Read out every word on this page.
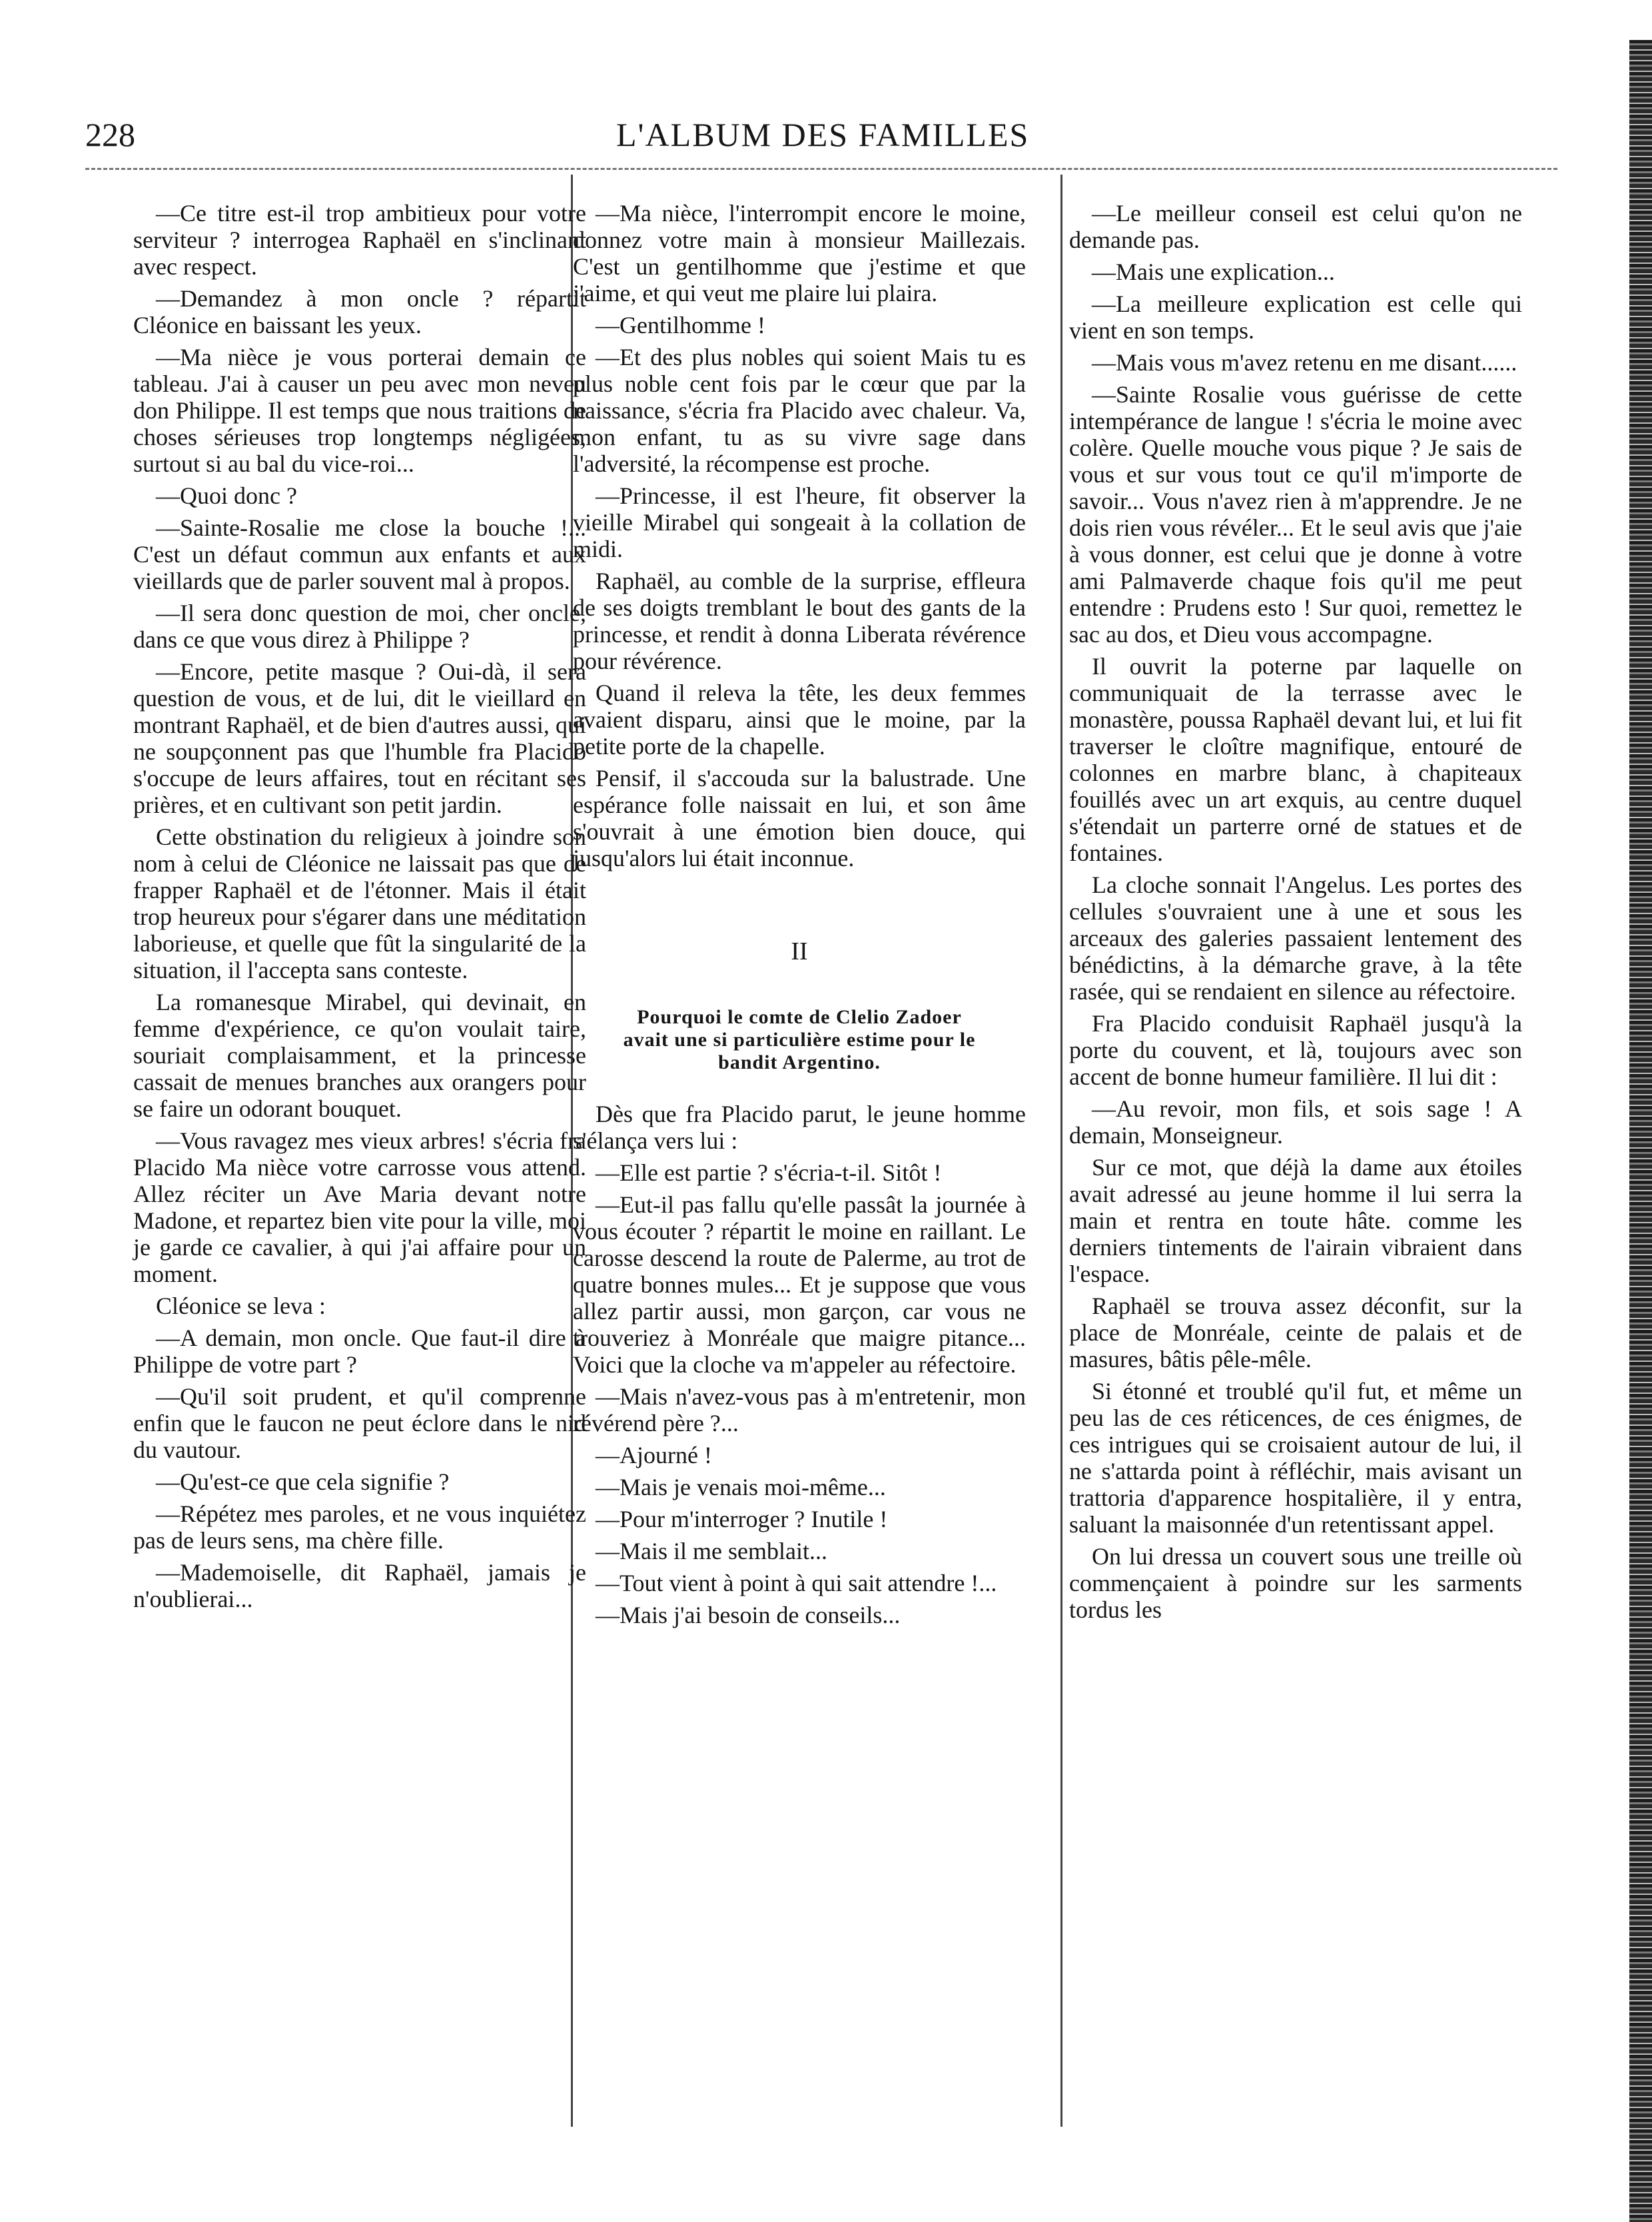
228	L'ALBUM DES FAMILLES

—Ce titre est-il trop ambitieux pour votre serviteur ? interrogea Raphaël en s'inclinant avec respect.

—Demandez à mon oncle ? répartit Cléonice en baissant les yeux.

—Ma nièce je vous porterai demain ce tableau. J'ai à causer un peu avec mon neveu don Philippe. Il est temps que nous traitions de choses sérieuses trop longtemps négligées, surtout si au bal du vice-roi...

—Quoi donc ?

—Sainte-Rosalie me close la bouche !... C'est un défaut commun aux enfants et aux vieillards que de parler souvent mal à propos.

—Il sera donc question de moi, cher oncle, dans ce que vous direz à Philippe ?

—Encore, petite masque ? Oui-dà, il sera question de vous, et de lui, dit le vieillard en montrant Raphaël, et de bien d'autres aussi, qui ne soupçonnent pas que l'humble fra Placido s'occupe de leurs affaires, tout en récitant ses prières, et en cultivant son petit jardin.

Cette obstination du religieux à joindre son nom à celui de Cléonice ne laissait pas que de frapper Raphaël et de l'étonner. Mais il était trop heureux pour s'égarer dans une méditation laborieuse, et quelle que fût la singularité de la situation, il l'accepta sans conteste.

La romanesque Mirabel, qui devinait, en femme d'expérience, ce qu'on voulait taire, souriait complaisamment, et la princesse cassait de menues branches aux orangers pour se faire un odorant bouquet.

—Vous ravagez mes vieux arbres! s'écria fra Placido Ma nièce votre carrosse vous attend. Allez réciter un Ave Maria devant notre Madone, et repartez bien vite pour la ville, moi je garde ce cavalier, à qui j'ai affaire pour un moment.

Cléonice se leva :

—A demain, mon oncle. Que faut-il dire à Philippe de votre part ?

—Qu'il soit prudent, et qu'il comprenne enfin que le faucon ne peut éclore dans le nid du vautour.

—Qu'est-ce que cela signifie ?

—Répétez mes paroles, et ne vous inquiétez pas de leurs sens, ma chère fille.

—Mademoiselle, dit Raphaël, jamais je n'oublierai...

—Ma nièce, l'interrompit encore le moine, donnez votre main à monsieur Maillezais. C'est un gentilhomme que j'estime et que j'aime, et qui veut me plaire lui plaira.

—Gentilhomme !

—Et des plus nobles qui soient Mais tu es plus noble cent fois par le cœur que par la naissance, s'écria fra Placido avec chaleur. Va, mon enfant, tu as su vivre sage dans l'adversité, la récompense est proche.

—Princesse, il est l'heure, fit observer la vieille Mirabel qui songeait à la collation de midi.

Raphaël, au comble de la surprise, effleura de ses doigts tremblant le bout des gants de la princesse, et rendit à donna Liberata révérence pour révérence.

Quand il releva la tête, les deux femmes avaient disparu, ainsi que le moine, par la petite porte de la chapelle.

Pensif, il s'accouda sur la balustrade. Une espérance folle naissait en lui, et son âme s'ouvrait à une émotion bien douce, qui jusqu'alors lui était inconnue.

II
Pourquoi le comte de Clelio Zadoer avait une si particulière estime pour le bandit Argentino.

Dès que fra Placido parut, le jeune homme s'élança vers lui :

—Elle est partie ? s'écria-t-il. Sitôt !

—Eut-il pas fallu qu'elle passât la journée à vous écouter ? répartit le moine en raillant. Le carosse descend la route de Palerme, au trot de quatre bonnes mules... Et je suppose que vous allez partir aussi, mon garçon, car vous ne trouveriez à Monréale que maigre pitance... Voici que la cloche va m'appeler au réfectoire.

—Mais n'avez-vous pas à m'entretenir, mon révérend père ?...

—Ajourné !

—Mais je venais moi-même...

—Pour m'interroger ? Inutile !

—Mais il me semblait...

—Tout vient à point à qui sait attendre !...

—Mais j'ai besoin de conseils...

—Le meilleur conseil est celui qu'on ne demande pas.

—Mais une explication...

—La meilleure explication est celle qui vient en son temps.

—Mais vous m'avez retenu en me disant......

—Sainte Rosalie vous guérisse de cette intempérance de langue ! s'écria le moine avec colère. Quelle mouche vous pique ? Je sais de vous et sur vous tout ce qu'il m'importe de savoir... Vous n'avez rien à m'apprendre. Je ne dois rien vous révéler... Et le seul avis que j'aie à vous donner, est celui que je donne à votre ami Palmaverde chaque fois qu'il me peut entendre : Prudens esto ! Sur quoi, remettez le sac au dos, et Dieu vous accompagne.

Il ouvrit la poterne par laquelle on communiquait de la terrasse avec le monastère, poussa Raphaël devant lui, et lui fit traverser le cloître magnifique, entouré de colonnes en marbre blanc, à chapiteaux fouillés avec un art exquis, au centre duquel s'étendait un parterre orné de statues et de fontaines.

La cloche sonnait l'Angelus. Les portes des cellules s'ouvraient une à une et sous les arceaux des galeries passaient lentement des bénédictins, à la démarche grave, à la tête rasée, qui se rendaient en silence au réfectoire.

Fra Placido conduisit Raphaël jusqu'à la porte du couvent, et là, toujours avec son accent de bonne humeur familière. Il lui dit :

—Au revoir, mon fils, et sois sage ! A demain, Monseigneur.

Sur ce mot, que déjà la dame aux étoiles avait adressé au jeune homme il lui serra la main et rentra en toute hâte. comme les derniers tintements de l'airain vibraient dans l'espace.

Raphaël se trouva assez déconfit, sur la place de Monréale, ceinte de palais et de masures, bâtis pêle-mêle.

Si étonné et troublé qu'il fut, et même un peu las de ces réticences, de ces énigmes, de ces intrigues qui se croisaient autour de lui, il ne s'attarda point à réfléchir, mais avisant un trattoria d'apparence hospitalière, il y entra, saluant la maisonnée d'un retentissant appel.

On lui dressa un couvert sous une treille où commençaient à poindre sur les sarments tordus les
